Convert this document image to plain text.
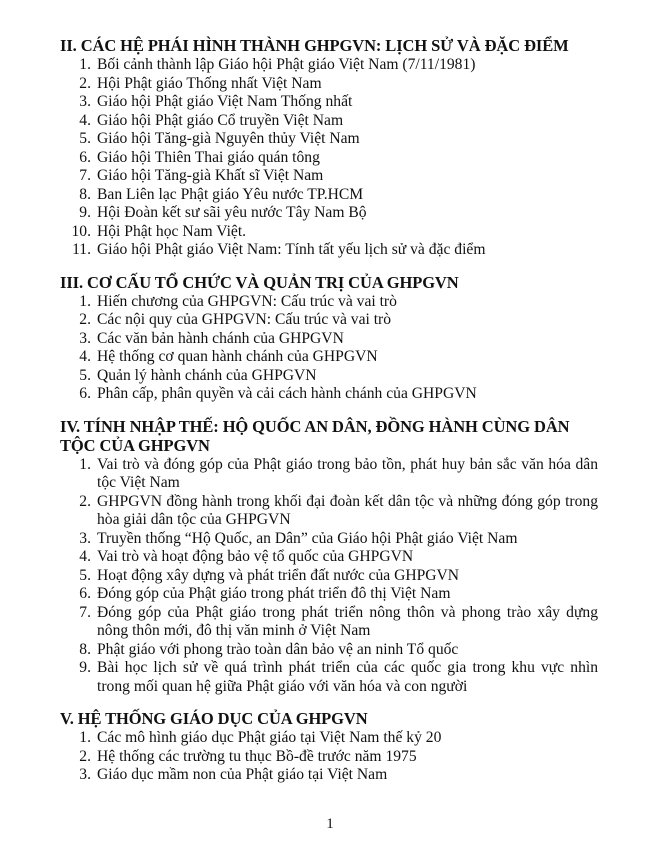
II. CÁC HỆ PHÁI HÌNH THÀNH GHPGVN: LỊCH SỬ VÀ ĐẶC ĐIỂM
1. Bối cảnh thành lập Giáo hội Phật giáo Việt Nam (7/11/1981)
2. Hội Phật giáo Thống nhất Việt Nam
3. Giáo hội Phật giáo Việt Nam Thống nhất
4. Giáo hội Phật giáo Cổ truyền Việt Nam
5. Giáo hội Tăng-già Nguyên thủy Việt Nam
6. Giáo hội Thiên Thai giáo quán tông
7. Giáo hội Tăng-già Khất sĩ Việt Nam
8. Ban Liên lạc Phật giáo Yêu nước TP.HCM
9. Hội Đoàn kết sư sãi yêu nước Tây Nam Bộ
10. Hội Phật học Nam Việt.
11. Giáo hội Phật giáo Việt Nam: Tính tất yếu lịch sử và đặc điểm
III. CƠ CẤU TỔ CHỨC VÀ QUẢN TRỊ CỦA GHPGVN
1. Hiến chương của GHPGVN: Cấu trúc và vai trò
2. Các nội quy của GHPGVN: Cấu trúc và vai trò
3. Các văn bản hành chánh của GHPGVN
4. Hệ thống cơ quan hành chánh của GHPGVN
5. Quản lý hành chánh của GHPGVN
6. Phân cấp, phân quyền và cải cách hành chánh của GHPGVN
IV. TÍNH NHẬP THẾ: HỘ QUỐC AN DÂN, ĐỒNG HÀNH CÙNG DÂN TỘC CỦA GHPGVN
1. Vai trò và đóng góp của Phật giáo trong bảo tồn, phát huy bản sắc văn hóa dân tộc Việt Nam
2. GHPGVN đồng hành trong khối đại đoàn kết dân tộc và những đóng góp trong hòa giải dân tộc của GHPGVN
3. Truyền thống “Hộ Quốc, an Dân” của Giáo hội Phật giáo Việt Nam
4. Vai trò và hoạt động bảo vệ tổ quốc của GHPGVN
5. Hoạt động xây dựng và phát triển đất nước của GHPGVN
6. Đóng góp của Phật giáo trong phát triển đô thị Việt Nam
7. Đóng góp của Phật giáo trong phát triển nông thôn và phong trào xây dựng nông thôn mới, đô thị văn minh ở Việt Nam
8. Phật giáo với phong trào toàn dân bảo vệ an ninh Tổ quốc
9. Bài học lịch sử về quá trình phát triển của các quốc gia trong khu vực nhìn trong mối quan hệ giữa Phật giáo với văn hóa và con người
V. HỆ THỐNG GIÁO DỤC CỦA GHPGVN
1. Các mô hình giáo dục Phật giáo tại Việt Nam thế kỷ 20
2. Hệ thống các trường tu thục Bồ-đề trước năm 1975
3. Giáo dục mầm non của Phật giáo tại Việt Nam
1
